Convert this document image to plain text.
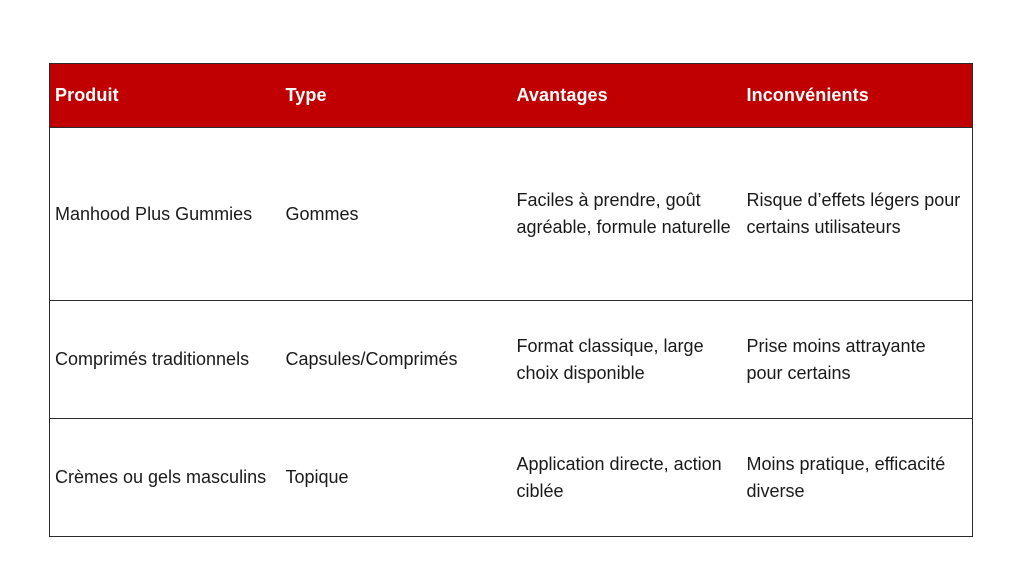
Produit	Type	Avantages	Inconvénients
Manhood Plus Gummies	Gommes	Faciles à prendre, goût agréable, formule naturelle	Risque d’effets légers pour certains utilisateurs
Comprimés traditionnels	Capsules/Comprimés	Format classique, large choix disponible	Prise moins attrayante pour certains
Crèmes ou gels masculins	Topique	Application directe, action ciblée	Moins pratique, efficacité diverse
